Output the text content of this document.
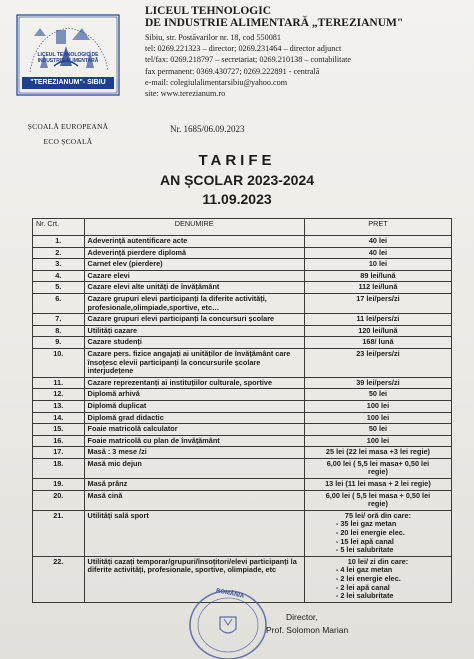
"TEREZIANUM"- SIBIU
LICEUL TEHNOLOGIC DE INDUSTRIE ALIMENTARĂ
ȘCOALĂ EUROPEANĂ
ECO ȘCOALĂ

LICEUL TEHNOLOGIC

DE INDUSTRIE ALIMENTARĂ „TEREZIANUM"

Sibiu, str. Postăvarilor nr. 18, cod 550081

tel: 0269.221323 – director; 0269.231464 – director adjunct

tel/fax: 0269.218797 – secretariat; 0269.210138 – contabilitate

fax permanent: 0369.430727; 0269.222891 - centrală

e-mail: colegiulalimentarsibiu@yahoo.com

site: www.terezianum.ro

Nr. 1685/06.09.2023
TARIFE
AN ȘCOLAR 2023-2024
11.09.2023
Nr. Crt.	DENUMIRE	PRET
1.	Adeverință autentificare acte	40 lei

2.	Adeverință pierdere diplomă	40 lei

3.	Carnet elev (pierdere)	10 lei

4.	Cazare elevi	89 lei/lună

5.	Cazare elevi alte unități de învățământ	112 lei/lună

6.	Cazare grupuri elevi participanți la diferite activități, profesionale,olimpiade,sportive, etc…	17 lei/pers/zi

7.	Cazare grupuri elevi participanți la concursuri școlare	11 lei/pers/zi

8.	Utilități cazare	120 lei/lună

9.	Cazare studenți	168/ lună

10.	Cazare pers. fizice angajați ai unităților de învățământ care însoțesc elevii participanți la concursurile școlare interjudețene	23 lei/pers/zi

11.	Cazare reprezentanți ai instituțiilor culturale, sportive	39 lei/pers/zi

12.	Diplomă arhivă	50 lei

13.	Diplomă duplicat	100 lei

14.	Diplomă grad didactic	100 lei

15.	Foaie matricolă calculator	50 lei

16.	Foaie matricolă cu plan de învățământ	100 lei

17.	Masă : 3 mese /zi	25 lei (22 lei masa +3 lei regie)

18.	Masă mic dejun	6,00 lei ( 5,5 lei masa+ 0,50 lei
regie)

19.	Masă prânz	13 lei (11 lei masa + 2 lei regie)

20.	Masă cină	6,00 lei ( 5,5 lei masa + 0,50 lei
regie)

21.	Utilități sală sport	75 lei/ oră din care:
- 35 lei gaz metan
- 20 lei energie elec.
- 15 lei apă canal
- 5 lei salubritate

22.	Utilități cazați temporar/grupuri/însoțitori/elevi participanți la diferite activități, profesionale, sportive, olimpiade, etc	10 lei/ zi din care:
- 4 lei gaz metan
- 2 lei energie elec.
- 2 lei apă canal
- 2 lei salubritate
ROMÂNIA
Director,
Prof. Solomon Marian
